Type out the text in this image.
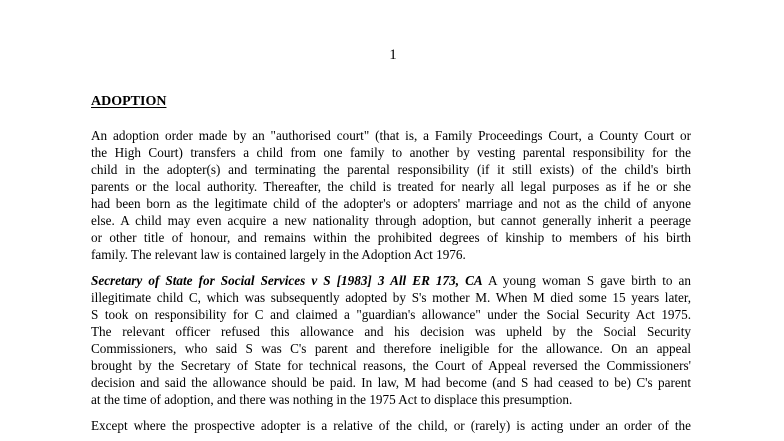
1
ADOPTION
An adoption order made by an "authorised court" (that is, a Family Proceedings Court, a County Court or
the High Court) transfers a child from one family to another by vesting parental responsibility for the
child in the adopter(s) and terminating the parental responsibility (if it still exists) of the child's birth
parents or the local authority. Thereafter, the child is treated for nearly all legal purposes as if he or she
had been born as the legitimate child of the adopter's or adopters' marriage and not as the child of anyone
else. A child may even acquire a new nationality through adoption, but cannot generally inherit a peerage
or other title of honour, and remains within the prohibited degrees of kinship to members of his birth
family. The relevant law is contained largely in the Adoption Act 1976.
Secretary of State for Social Services v S [1983] 3 All ER 173, CA A young woman S gave birth to an
illegitimate child C, which was subsequently adopted by S's mother M. When M died some 15 years later,
S took on responsibility for C and claimed a "guardian's allowance" under the Social Security Act 1975.
The relevant officer refused this allowance and his decision was upheld by the Social Security
Commissioners, who said S was C's parent and therefore ineligible for the allowance. On an appeal
brought by the Secretary of State for technical reasons, the Court of Appeal reversed the Commissioners'
decision and said the allowance should be paid. In law, M had become (and S had ceased to be) C's parent
at the time of adoption, and there was nothing in the 1975 Act to displace this presumption.
Except where the prospective adopter is a relative of the child, or (rarely) is acting under an order of the
